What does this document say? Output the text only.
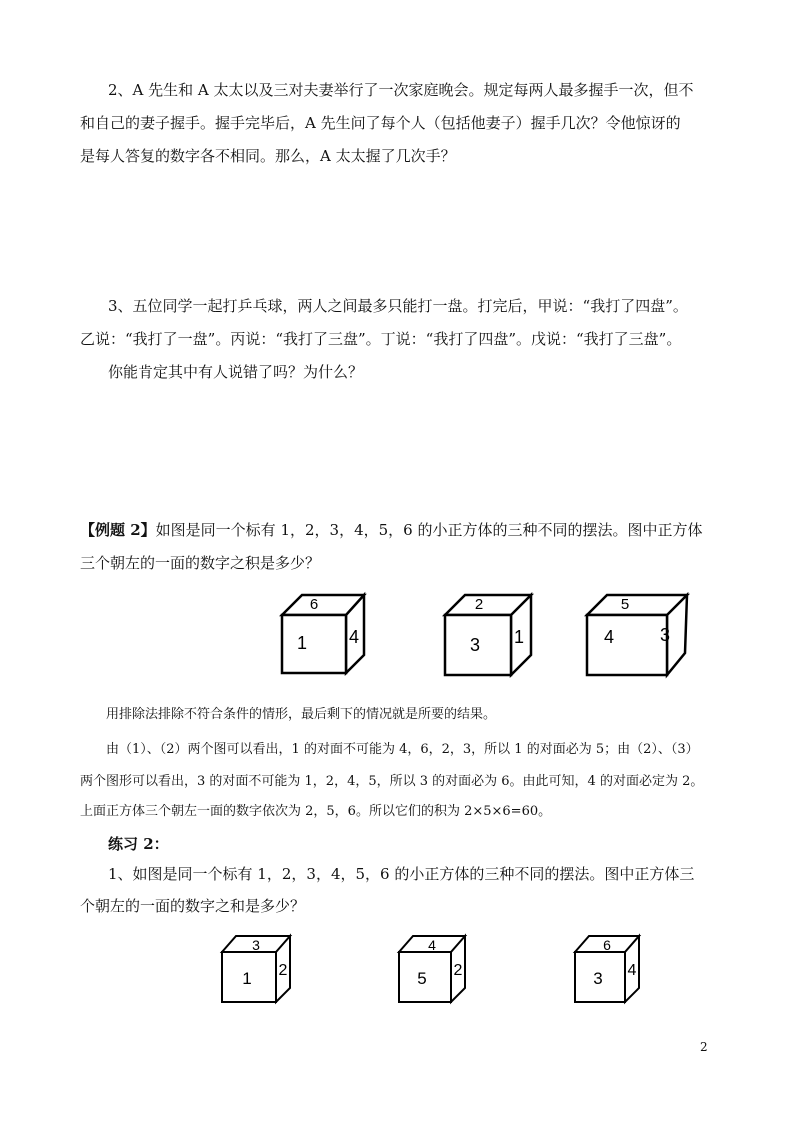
2、A 先生和 A 太太以及三对夫妻举行了一次家庭晚会。规定每两人最多握手一次，但不
和自己的妻子握手。握手完毕后，A 先生问了每个人（包括他妻子）握手几次？令他惊讶的
是每人答复的数字各不相同。那么，A 太太握了几次手？
3、五位同学一起打乒乓球，两人之间最多只能打一盘。打完后，甲说：“我打了四盘”。
乙说：“我打了一盘”。丙说：“我打了三盘”。丁说：“我打了四盘”。戊说：“我打了三盘”。
你能肯定其中有人说错了吗？为什么？
【例题 2】如图是同一个标有 1，2，3，4，5，6 的小正方体的三种不同的摆法。图中正方体
三个朝左的一面的数字之积是多少？
6
1 4
2
3 1
5
4	3
用排除法排除不符合条件的情形，最后剩下的情况就是所要的结果。
由（1）、（2）两个图可以看出，1 的对面不可能为 4，6，2，3，所以 1 的对面必为 5；由（2）、（3）
两个图形可以看出，3 的对面不可能为 1，2，4，5，所以 3 的对面必为 6。由此可知，4 的对面必定为 2。
上面正方体三个朝左一面的数字依次为 2，5，6。所以它们的积为 2×5×6=60。
练习 2：
1、如图是同一个标有 1，2，3，4，5，6 的小正方体的三种不同的摆法。图中正方体三
个朝左的一面的数字之和是多少？
3
1 2
4
5 2
6
3 4
2
